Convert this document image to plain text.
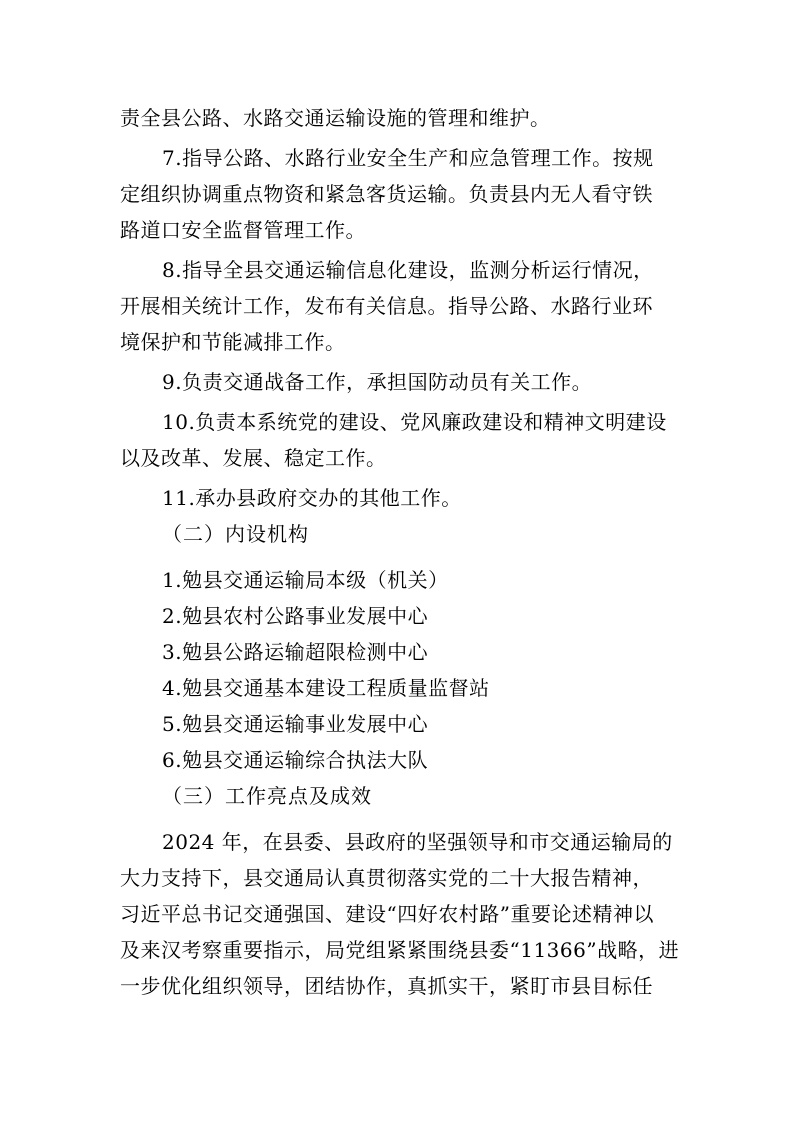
责全县公路、水路交通运输设施的管理和维护。
7.指导公路、水路行业安全生产和应急管理工作。按规
定组织协调重点物资和紧急客货运输。负责县内无人看守铁
路道口安全监督管理工作。
8.指导全县交通运输信息化建设，监测分析运行情况，
开展相关统计工作，发布有关信息。指导公路、水路行业环
境保护和节能减排工作。
9.负责交通战备工作，承担国防动员有关工作。
10.负责本系统党的建设、党风廉政建设和精神文明建设
以及改革、发展、稳定工作。
11.承办县政府交办的其他工作。
（二）内设机构
1.勉县交通运输局本级（机关）
2.勉县农村公路事业发展中心
3.勉县公路运输超限检测中心
4.勉县交通基本建设工程质量监督站
5.勉县交通运输事业发展中心
6.勉县交通运输综合执法大队
（三）工作亮点及成效
2024 年，在县委、县政府的坚强领导和市交通运输局的
大力支持下，县交通局认真贯彻落实党的二十大报告精神，
习近平总书记交通强国、建设“四好农村路”重要论述精神以
及来汉考察重要指示，局党组紧紧围绕县委“11366”战略，进
一步优化组织领导，团结协作，真抓实干，紧盯市县目标任
